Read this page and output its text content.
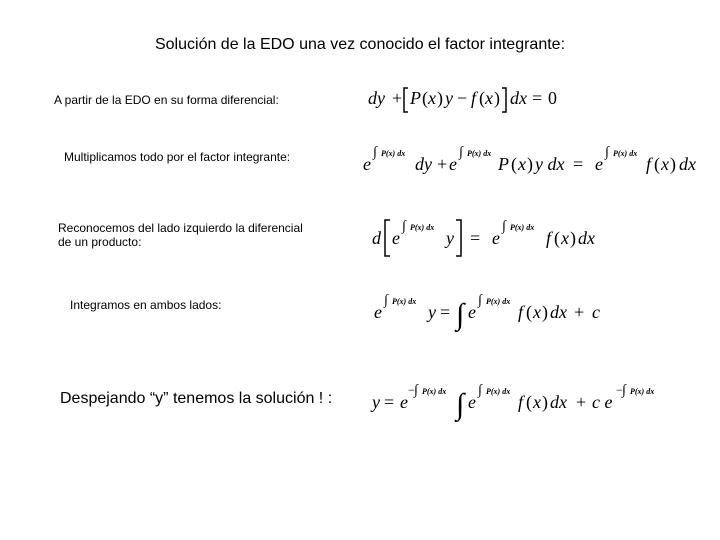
Solución de la EDO una vez conocido el factor integrante:
A partir de la EDO en su forma diferencial:	dy + P ( x ) y − f ( x ) dx = 0
Multiplicamos todo por el factor integrante:	e
∫ P(x) dx
dy + e
∫ P(x) dx
P ( x ) y dx = e
∫ P(x) dx
f ( x ) dx
Reconocemos del lado izquierdo la diferencial
de un producto:	d e
∫ P(x) dx
y = e
∫ P(x) dx
f ( x ) dx
Integramos en ambos lados:	e
∫ P(x) dx
y = ∫ e
∫ P(x) dx
f ( x ) dx + c
Despejando “y” tenemos la solución ! : y = e
− ∫ P(x) dx ∫ e
∫ P(x) dx
f ( x ) dx + c e
− ∫ P(x) dx
